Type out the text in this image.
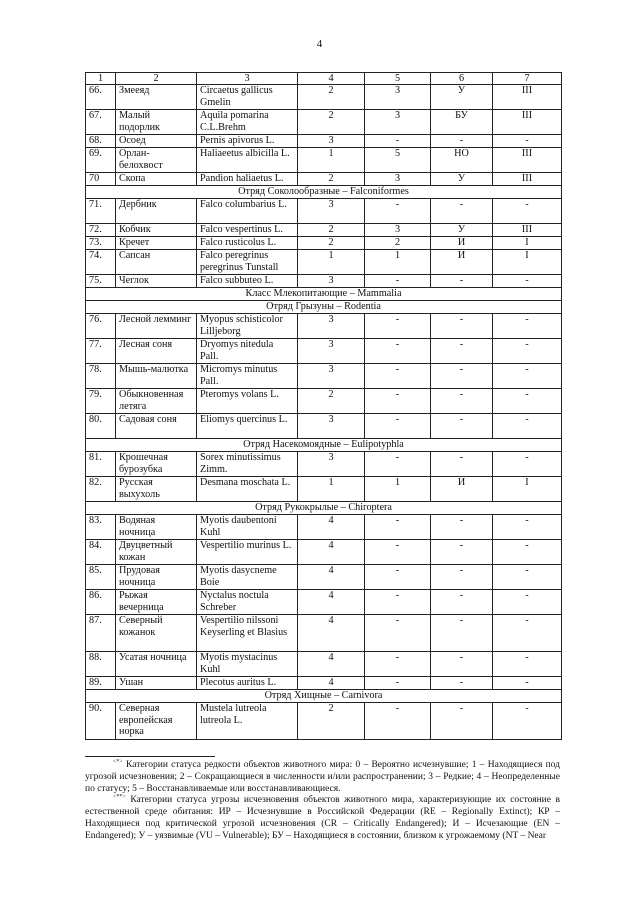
4
1	2	3	4	5	6	7
66.	Змееяд	Circaetus gallicus Gmelin	2	3	У	III
67.	Малый подорлик	Aquila pomarina C.L.Brehm	2	3	БУ	III
68.	Осоед	Pernis apivorus L.	3	-	-	-
69.	Орлан-белохвост	Haliaeetus albicilla L.	1	5	НО	III
70	Скопа	Pandion haliaetus L.	2	3	У	III
Отряд Соколообразные – Falconiformes						
71.	Дербник	Falco columbarius L.	3	-	-	-
72.	Кобчик	Falco vespertinus L.	2	3	У	III
73.	Кречет	Falco rusticolus L.	2	2	И	I
74.	Сапсан	Falco peregrinus peregrinus Tunstall	1	1	И	I
75.	Чеглок	Falco subbuteo L.	3	-	-	-
Класс Млекопитающие – Mammalia						
Отряд Грызуны – Rodentia						
76.	Лесной лемминг	Myopus schisticolor Lilljeborg	3	-	-	-
77.	Лесная соня	Dryomys nitedula Pall.	3	-	-	-
78.	Мышь-малютка	Micromys minutus Pall.	3	-	-	-
79.	Обыкновенная летяга	Pteromys volans L.	2	-	-	-
80.	Садовая соня	Eliomys quercinus L.	3	-	-	-
Отряд Насекомоядные – Eulipotyphla						
81.	Крошечная бурозубка	Sorex minutissimus Zimm.	3	-	-	-
82.	Русская выхухоль	Desmana moschata L.	1	1	И	I
Отряд Рукокрылые – Chiroptera						
83.	Водяная ночница	Myotis daubentoni Kuhl	4	-	-	-
84.	Двуцветный кожан	Vespertilio murinus L.	4	-	-	-
85.	Прудовая ночница	Myotis dasycneme Boie	4	-	-	-
86.	Рыжая вечерница	Nyctalus noctula Schreber	4	-	-	-
87.	Северный кожанок	Vespertilio nilssoni Keyserling et Blasius	4	-	-	-
88.	Усатая ночница	Myotis mystacinus Kuhl	4	-	-	-
89.	Ушан	Plecotus auritus L.	4	-	-	-
Отряд Хищные – Carnivora						
90.	Северная европейская норка	Mustela lutreola lutreola L.	2	-	-	-

<*> Категории статуса редкости объектов животного мира: 0 – Вероятно исчезнувшие; 1 – Находящиеся под угрозой исчезновения; 2 – Сокращающиеся в численности и/или распространении; 3 – Редкие; 4 – Неопределенные по статусу; 5 – Восстанавливаемые или восстанавливающиеся.

<**> Категории статуса угрозы исчезновения объектов животного мира, характеризующие их состояние в естественной среде обитания: ИР – Исчезнувшие в Российской Федерации (RE – Regionally Extinct); КР – Находящиеся под критической угрозой исчезновения (CR – Critically Endangered); И – Исчезающие (EN – Endangered); У – уязвимые (VU – Vulnerable); БУ – Находящиеся в состоянии, близком к угрожаемому (NT – Near
